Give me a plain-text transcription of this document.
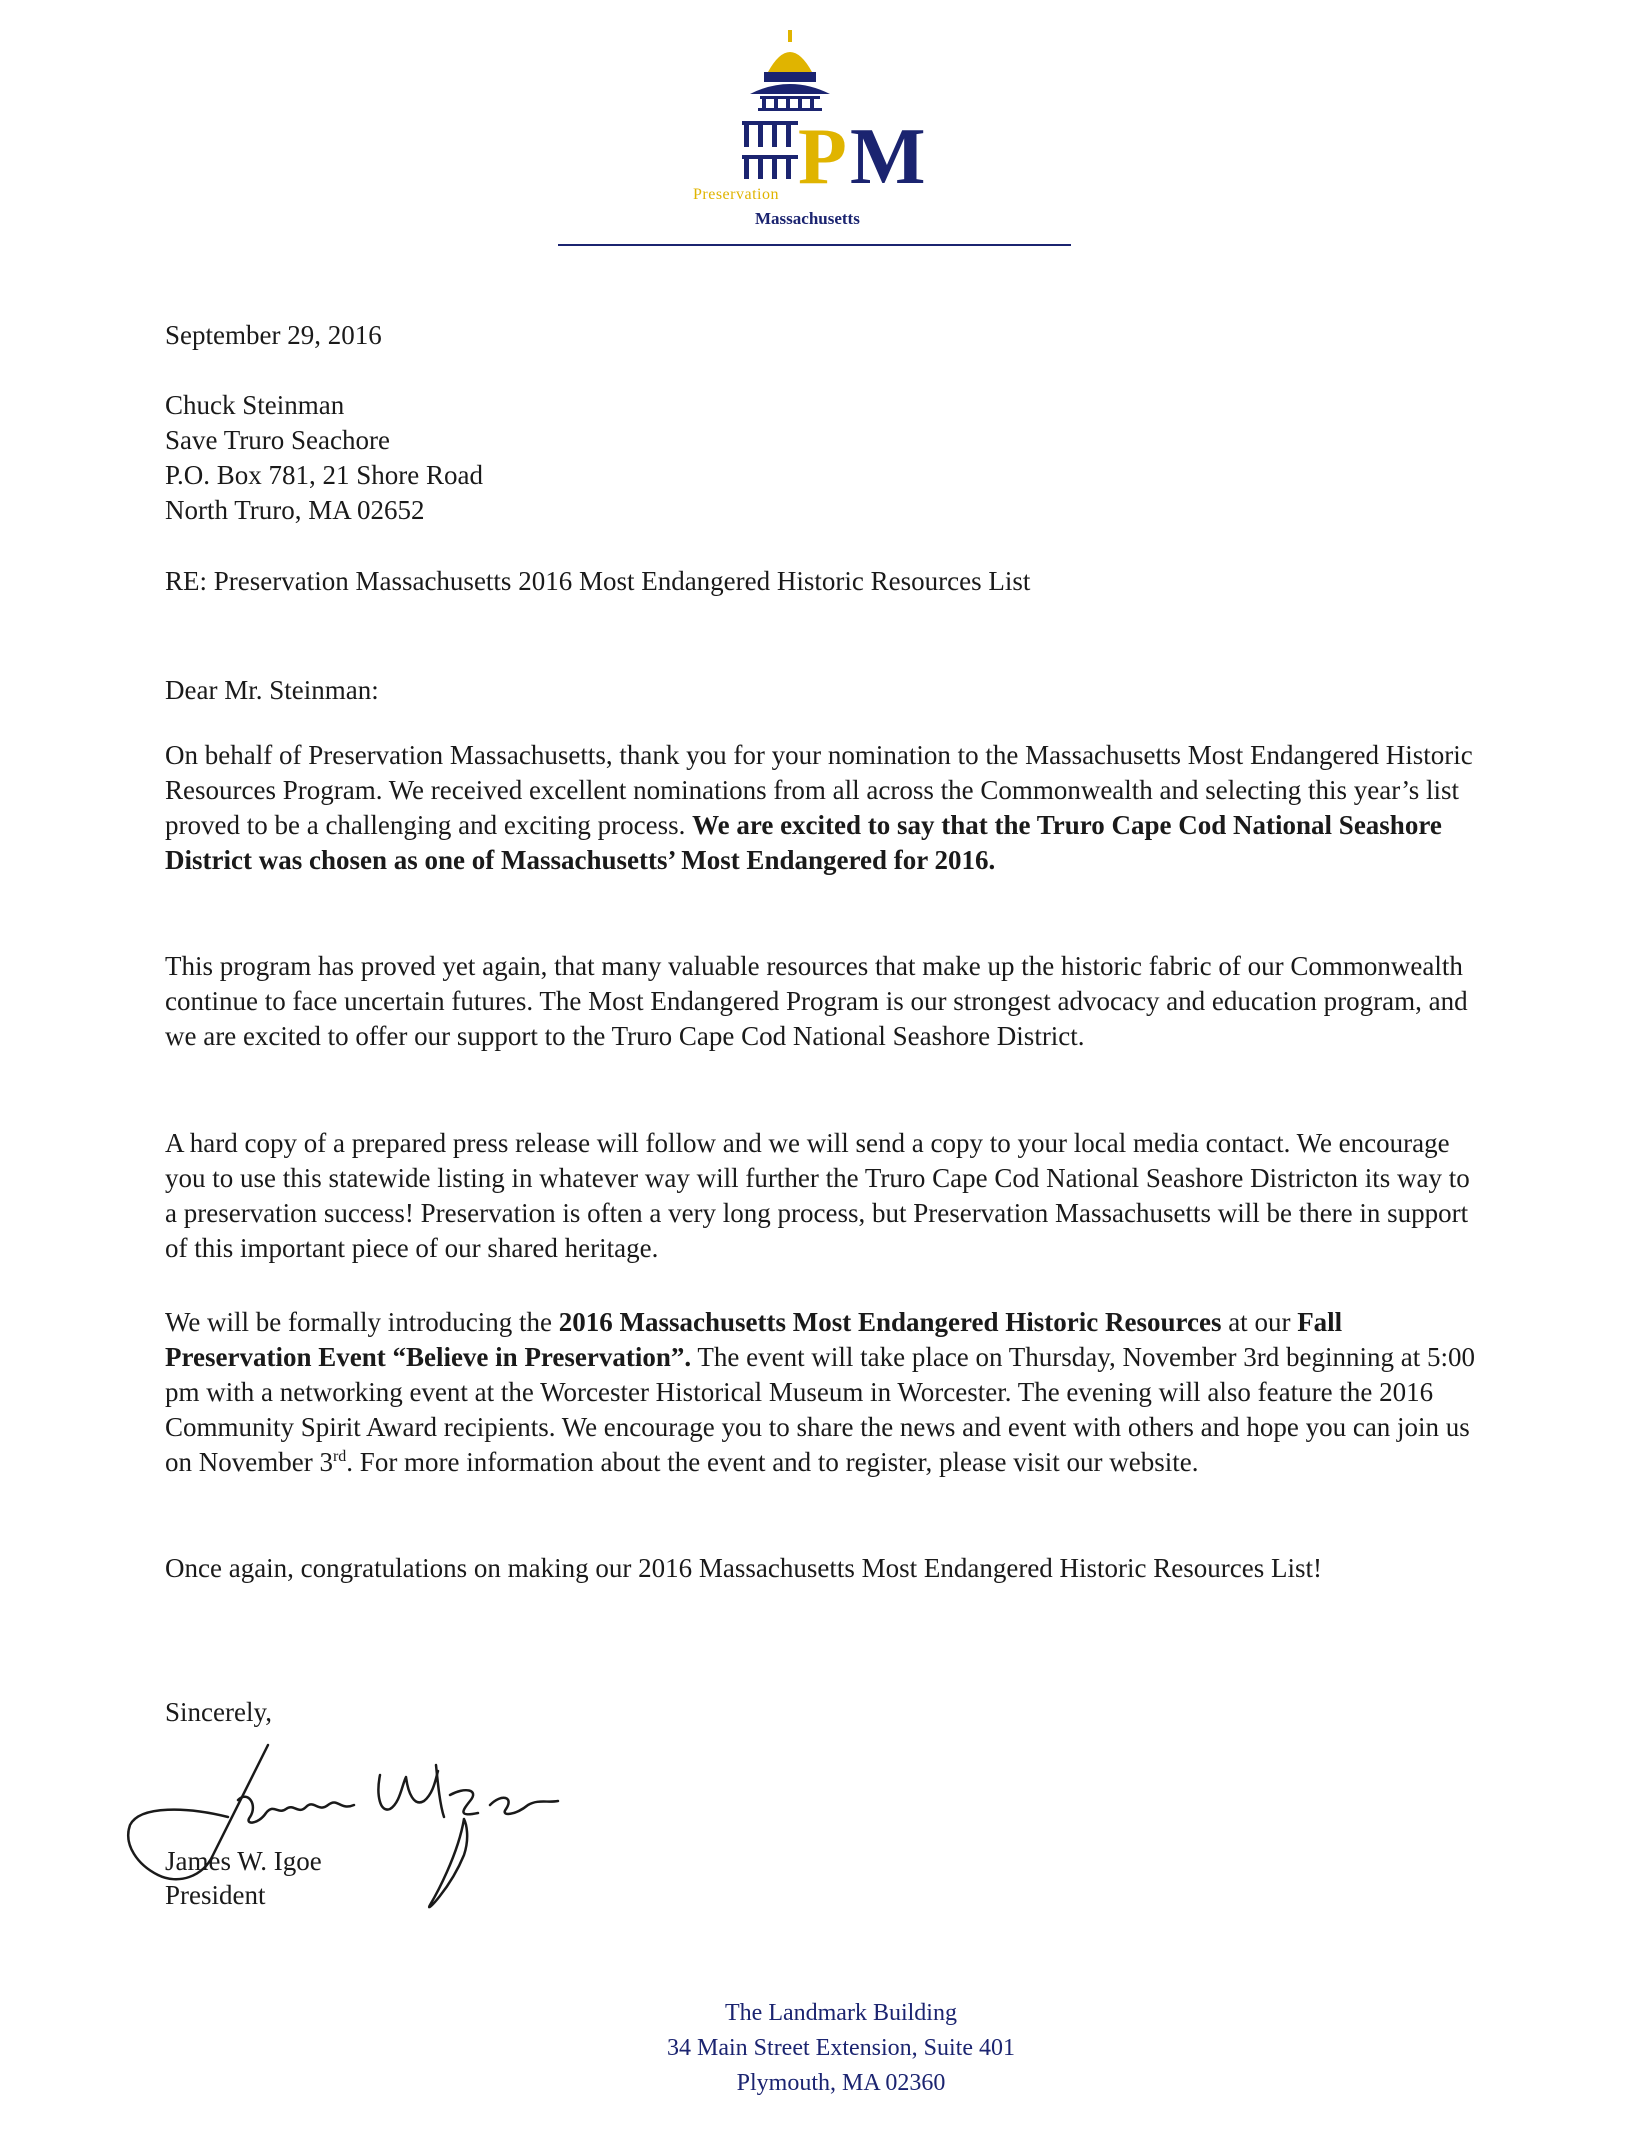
P M
Preservation
Massachusetts

September 29, 2016

Chuck Steinman
Save Truro Seachore
P.O. Box 781, 21 Shore Road
North Truro, MA 02652

RE: Preservation Massachusetts 2016 Most Endangered Historic Resources List

Dear Mr. Steinman:

On behalf of Preservation Massachusetts, thank you for your nomination to the Massachusetts Most Endangered Historic Resources Program. We received excellent nominations from all across the Commonwealth and selecting this year’s list proved to be a challenging and exciting process. We are excited to say that the Truro Cape Cod National Seashore District was chosen as one of Massachusetts’ Most Endangered for 2016.

This program has proved yet again, that many valuable resources that make up the historic fabric of our Commonwealth continue to face uncertain futures. The Most Endangered Program is our strongest advocacy and education program, and we are excited to offer our support to the Truro Cape Cod National Seashore District.

A hard copy of a prepared press release will follow and we will send a copy to your local media contact. We encourage you to use this statewide listing in whatever way will further the Truro Cape Cod National Seashore Districton its way to a preservation success! Preservation is often a very long process, but Preservation Massachusetts will be there in support of this important piece of our shared heritage.

We will be formally introducing the 2016 Massachusetts Most Endangered Historic Resources at our Fall Preservation Event “Believe in Preservation”. The event will take place on Thursday, November 3rd beginning at 5:00 pm with a networking event at the Worcester Historical Museum in Worcester. The evening will also feature the 2016 Community Spirit Award recipients. We encourage you to share the news and event with others and hope you can join us on November 3rd. For more information about the event and to register, please visit our website.

Once again, congratulations on making our 2016 Massachusetts Most Endangered Historic Resources List!

Sincerely,

James W. Igoe

President

The Landmark Building
34 Main Street Extension, Suite 401
Plymouth, MA 02360
